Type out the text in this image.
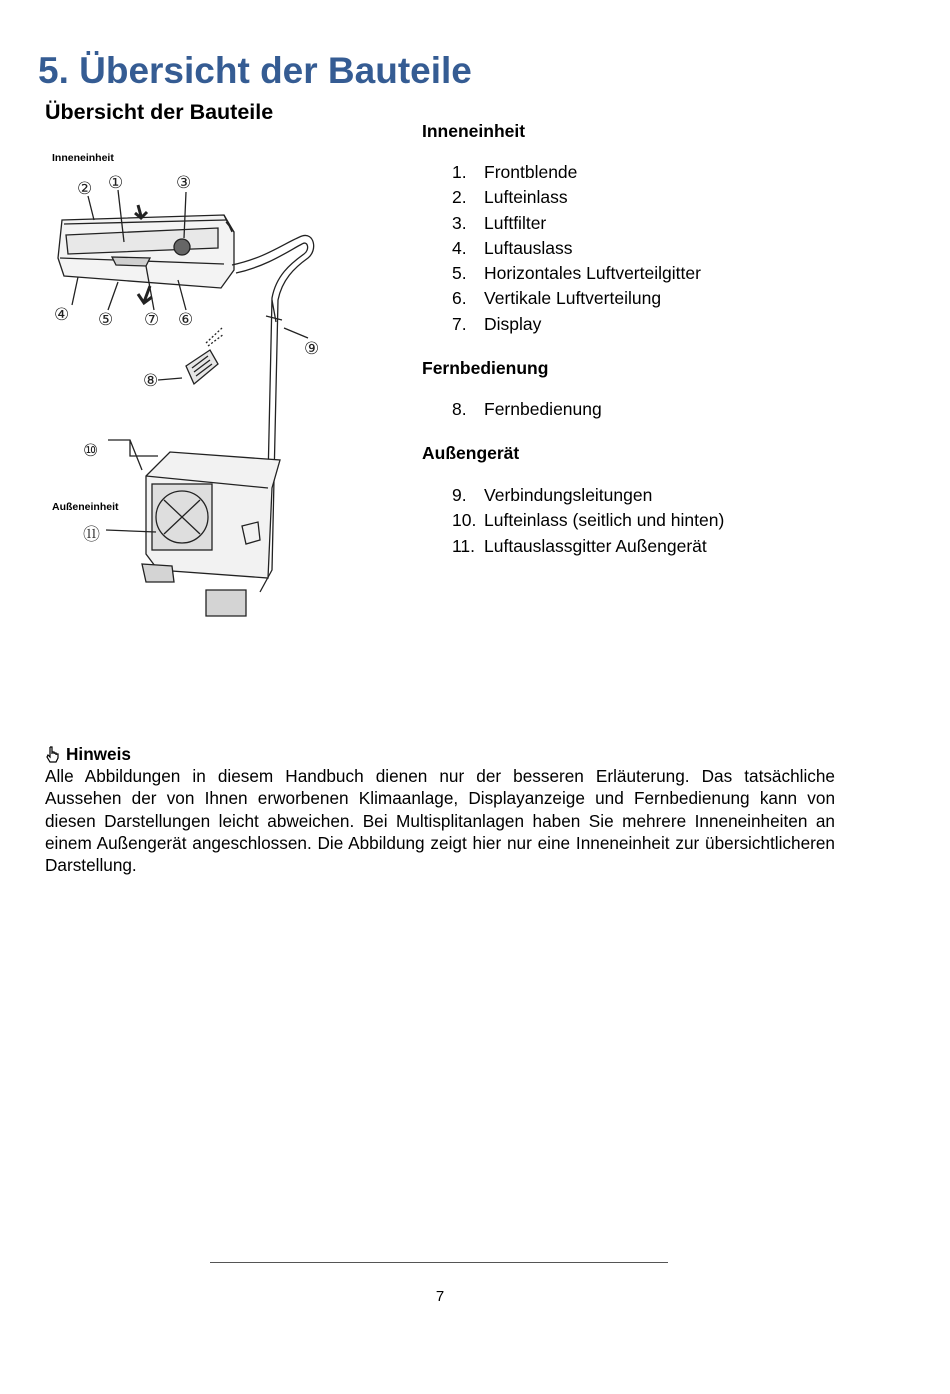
5. Übersicht der Bauteile
Übersicht der Bauteile
Inneneinheit
Außeneinheit
② ①	③
④ ⑤ ⑦ ⑥
⑨
⑧
⑩
⑪
Inneneinheit
1. Frontblende
2. Lufteinlass
3. Luftfilter
4. Luftauslass
5. Horizontales Luftverteilgitter
6. Vertikale Luftverteilung
7. Display
Fernbedienung
8. Fernbedienung
Außengerät
9. Verbindungsleitungen
10. Lufteinlass (seitlich und hinten)
11. Luftauslassgitter Außengerät
Hinweis
Alle Abbildungen in diesem Handbuch dienen nur der besseren Erläuterung. Das tatsächliche Aussehen der von Ihnen erworbenen Klimaanlage, Displayanzeige und Fernbedienung kann von diesen Darstellungen leicht abweichen. Bei Multisplitanlagen haben Sie mehrere Inneneinheiten an einem Außengerät angeschlossen. Die Abbildung zeigt hier nur eine Inneneinheit zur übersichtlicheren Darstellung.
7
